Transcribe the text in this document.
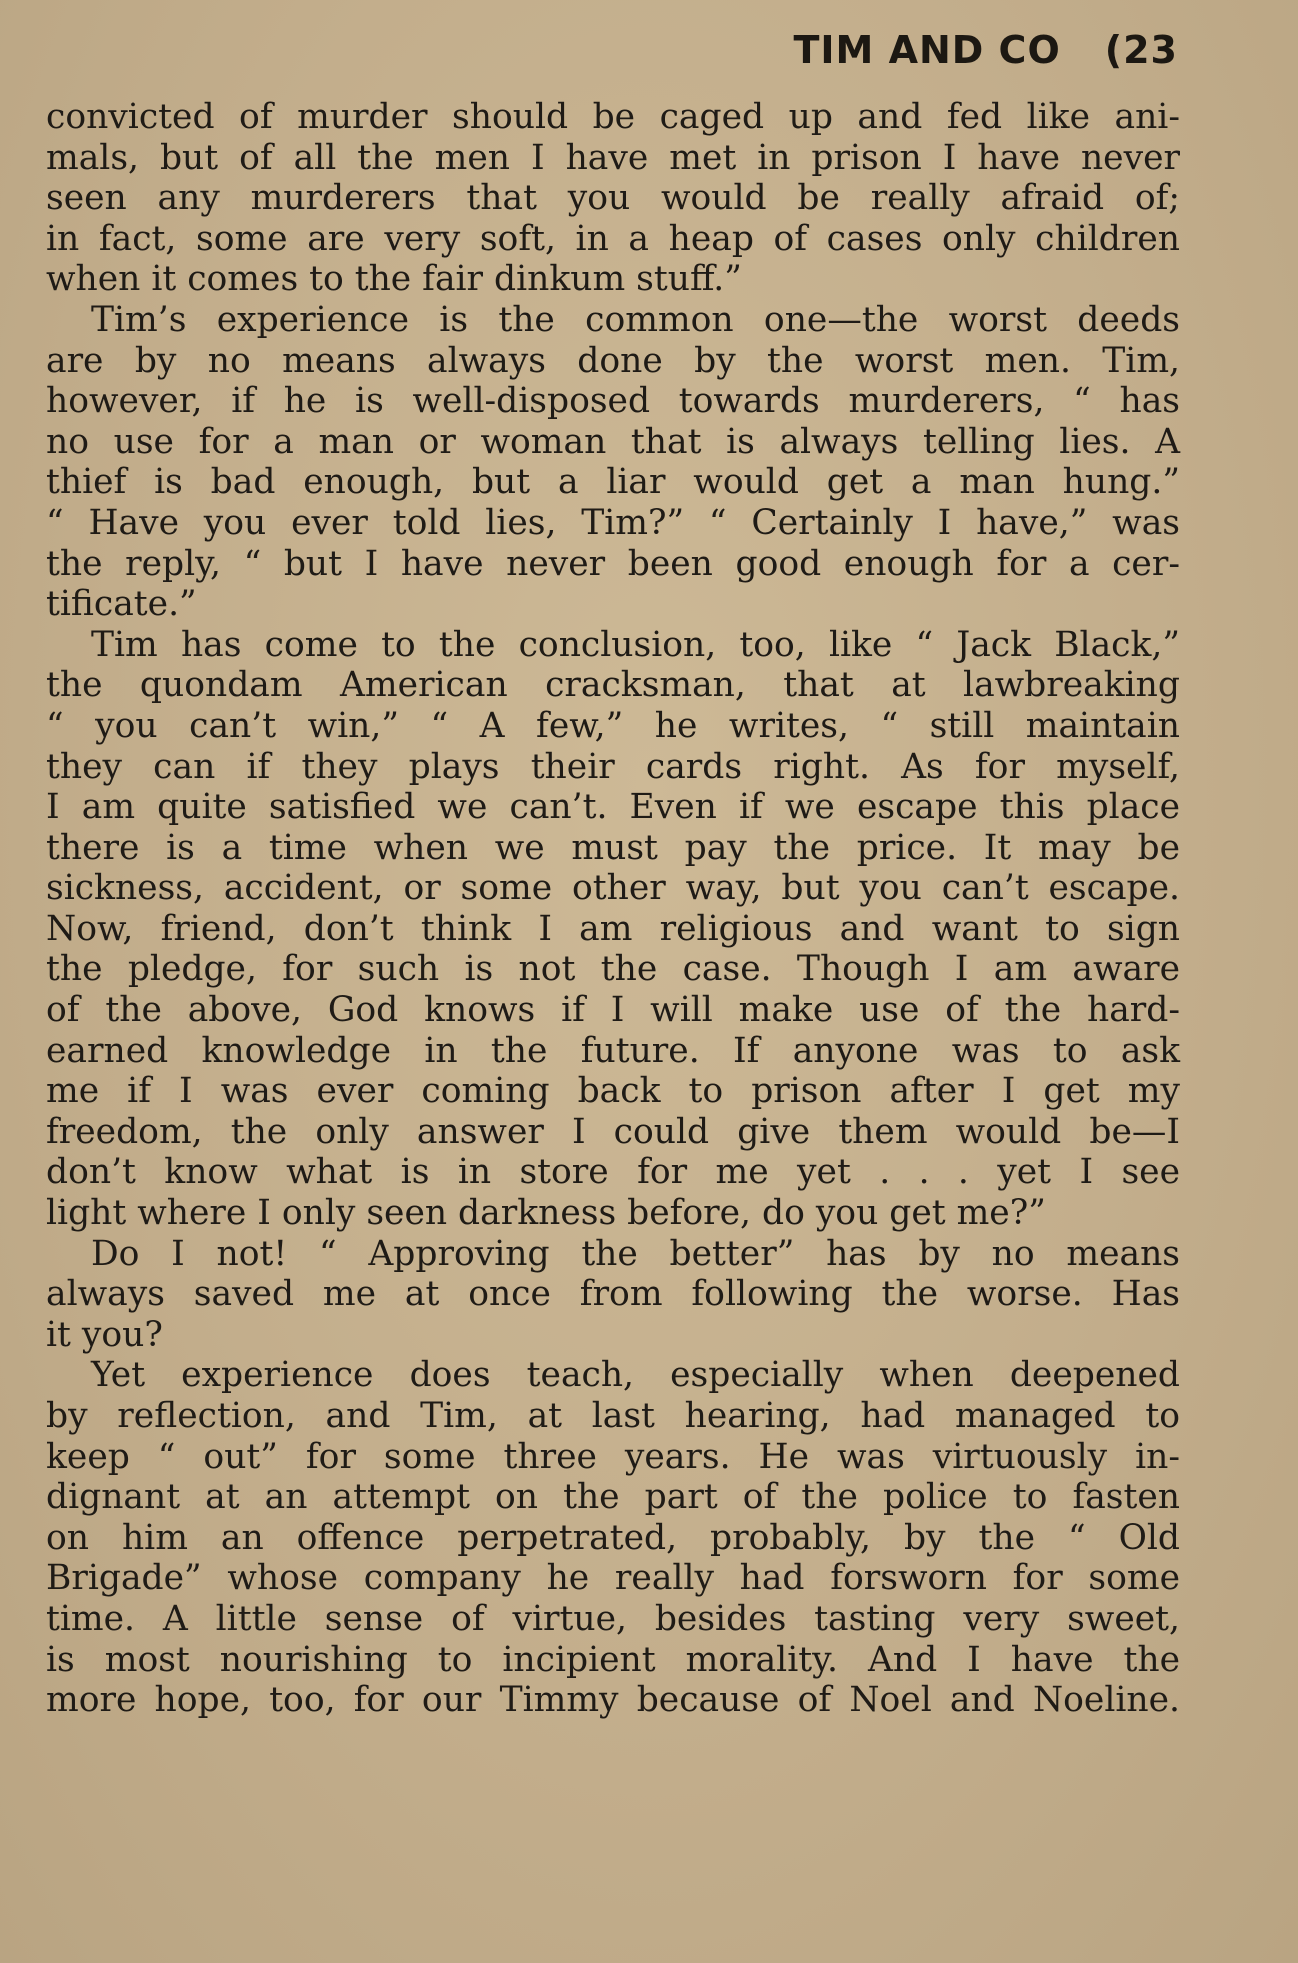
TIM AND CO (23
convicted of murder should be caged up and fed like ani-
mals, but of all the men I have met in prison I have never
seen any murderers that you would be really afraid of;
in fact, some are very soft, in a heap of cases only children
when it comes to the fair dinkum stuff.”
Tim’s experience is the common one—the worst deeds
are by no means always done by the worst men. Tim,
however, if he is well-disposed towards murderers, “ has
no use for a man or woman that is always telling lies. A
thief is bad enough, but a liar would get a man hung.”
“ Have you ever told lies, Tim?” “ Certainly I have,” was
the reply, “ but I have never been good enough for a cer-
tificate.”
Tim has come to the conclusion, too, like “ Jack Black,”
the quondam American cracksman, that at lawbreaking
“ you can’t win,” “ A few,” he writes, “ still maintain
they can if they plays their cards right. As for myself,
I am quite satisfied we can’t. Even if we escape this place
there is a time when we must pay the price. It may be
sickness, accident, or some other way, but you can’t escape.
Now, friend, don’t think I am religious and want to sign
the pledge, for such is not the case. Though I am aware
of the above, God knows if I will make use of the hard-
earned knowledge in the future. If anyone was to ask
me if I was ever coming back to prison after I get my
freedom, the only answer I could give them would be—I
don’t know what is in store for me yet . . . yet I see
light where I only seen darkness before, do you get me?”
Do I not! “ Approving the better” has by no means
always saved me at once from following the worse. Has
it you?
Yet experience does teach, especially when deepened
by reflection, and Tim, at last hearing, had managed to
keep “ out” for some three years. He was virtuously in-
dignant at an attempt on the part of the police to fasten
on him an offence perpetrated, probably, by the “ Old
Brigade” whose company he really had forsworn for some
time. A little sense of virtue, besides tasting very sweet,
is most nourishing to incipient morality. And I have the
more hope, too, for our Timmy because of Noel and Noeline.
